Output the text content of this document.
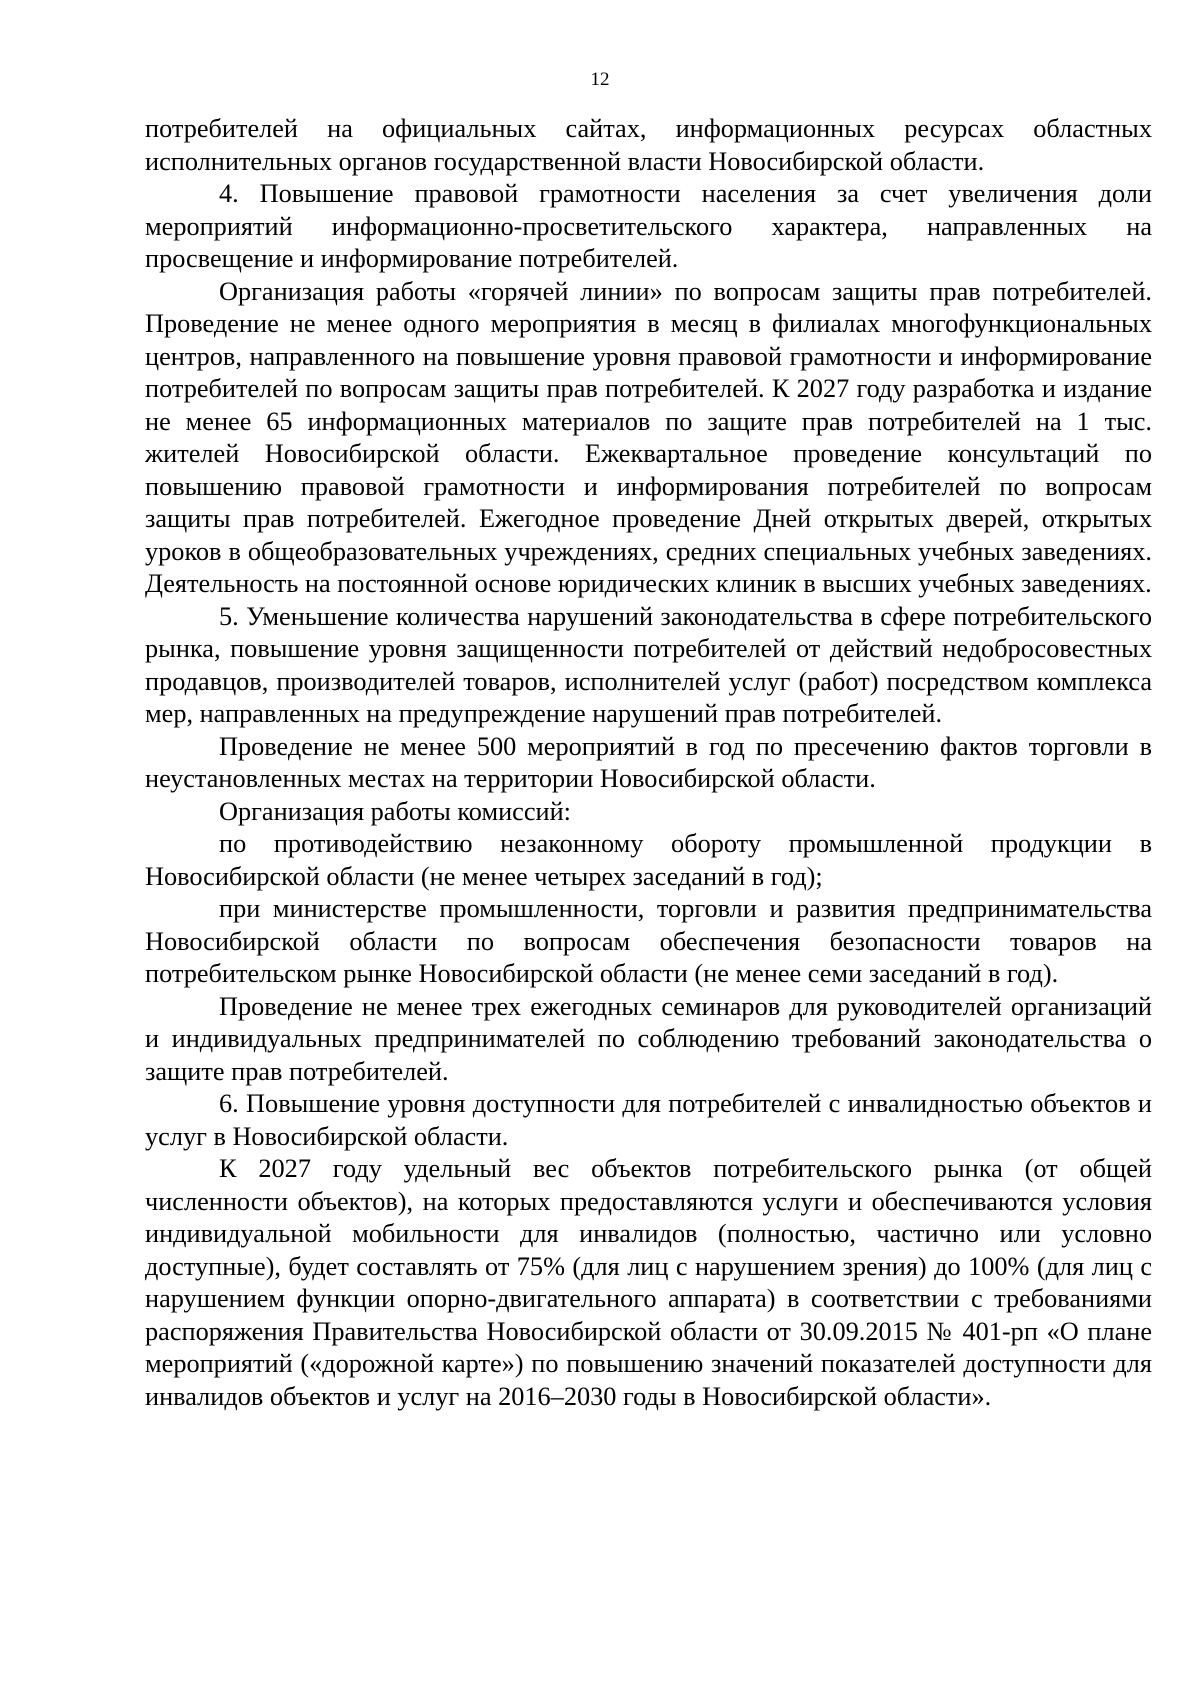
12

потребителей на официальных сайтах, информационных ресурсах областных исполнительных органов государственной власти Новосибирской области.

4. Повышение правовой грамотности населения за счет увеличения доли мероприятий информационно-просветительского характера, направленных на просвещение и информирование потребителей.

Организация работы «горячей линии» по вопросам защиты прав потребителей. Проведение не менее одного мероприятия в месяц в филиалах многофункциональных центров, направленного на повышение уровня правовой грамотности и информирование потребителей по вопросам защиты прав потребителей. К 2027 году разработка и издание не менее 65 информационных материалов по защите прав потребителей на 1 тыс. жителей Новосибирской области. Ежеквартальное проведение консультаций по повышению правовой грамотности и информирования потребителей по вопросам защиты прав потребителей. Ежегодное проведение Дней открытых дверей, открытых уроков в общеобразовательных учреждениях, средних специальных учебных заведениях. Деятельность на постоянной основе юридических клиник в высших учебных заведениях.

5. Уменьшение количества нарушений законодательства в сфере потребительского рынка, повышение уровня защищенности потребителей от действий недобросовестных продавцов, производителей товаров, исполнителей услуг (работ) посредством комплекса мер, направленных на предупреждение нарушений прав потребителей.

Проведение не менее 500 мероприятий в год по пресечению фактов торговли в неустановленных местах на территории Новосибирской области.

Организация работы комиссий:

по противодействию незаконному обороту промышленной продукции в Новосибирской области (не менее четырех заседаний в год);

при министерстве промышленности, торговли и развития предпринимательства Новосибирской области по вопросам обеспечения безопасности товаров на потребительском рынке Новосибирской области (не менее семи заседаний в год).

Проведение не менее трех ежегодных семинаров для руководителей организаций и индивидуальных предпринимателей по соблюдению требований законодательства о защите прав потребителей.

6. Повышение уровня доступности для потребителей с инвалидностью объектов и услуг в Новосибирской области.

К 2027 году удельный вес объектов потребительского рынка (от общей численности объектов), на которых предоставляются услуги и обеспечиваются условия индивидуальной мобильности для инвалидов (полностью, частично или условно доступные), будет составлять от 75% (для лиц с нарушением зрения) до 100% (для лиц с нарушением функции опорно-двигательного аппарата) в соответствии с требованиями распоряжения Правительства Новосибирской области от 30.09.2015 № 401-рп «О плане мероприятий («дорожной карте») по повышению значений показателей доступности для инвалидов объектов и услуг на 2016–2030 годы в Новосибирской области».
